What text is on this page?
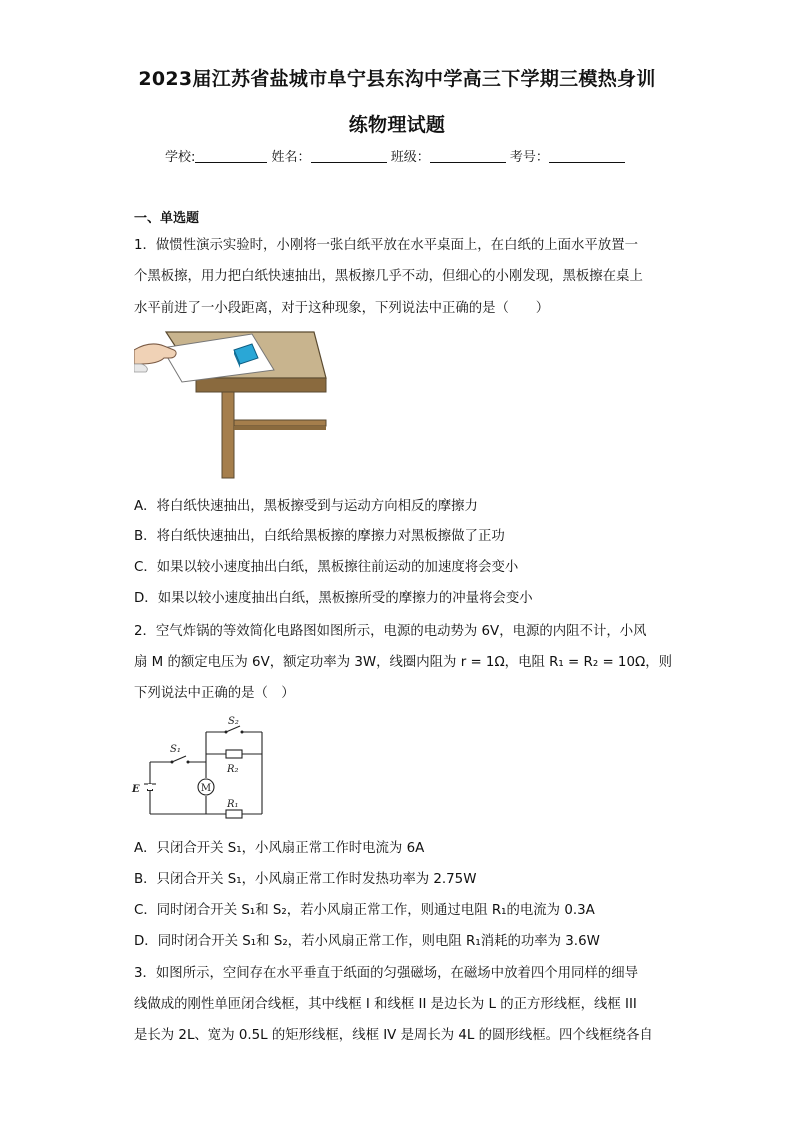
2023届江苏省盐城市阜宁县东沟中学高三下学期三模热身训
练物理试题
学校:	姓名：	班级：	考号：
一、单选题
1．做惯性演示实验时，小刚将一张白纸平放在水平桌面上，在白纸的上面水平放置一
个黑板擦，用力把白纸快速抽出，黑板擦几乎不动，但细心的小刚发现，黑板擦在桌上
水平前进了一小段距离，对于这种现象，下列说法中正确的是（　　）
A．将白纸快速抽出，黑板擦受到与运动方向相反的摩擦力
B．将白纸快速抽出，白纸给黑板擦的摩擦力对黑板擦做了正功
C．如果以较小速度抽出白纸，黑板擦往前运动的加速度将会变小
D．如果以较小速度抽出白纸，黑板擦所受的摩擦力的冲量将会变小
2．空气炸锅的等效简化电路图如图所示，电源的电动势为 6V，电源的内阻不计，小风
扇 M 的额定电压为 6V，额定功率为 3W，线圈内阻为 r = 1Ω，电阻 R₁ = R₂ = 10Ω，则
下列说法中正确的是（　）
M
S₂
S₁
R₂
R₁
E
A．只闭合开关 S₁，小风扇正常工作时电流为 6A
B．只闭合开关 S₁，小风扇正常工作时发热功率为 2.75W
C．同时闭合开关 S₁和 S₂，若小风扇正常工作，则通过电阻 R₁的电流为 0.3A
D．同时闭合开关 S₁和 S₂，若小风扇正常工作，则电阻 R₁消耗的功率为 3.6W
3．如图所示，空间存在水平垂直于纸面的匀强磁场，在磁场中放着四个用同样的细导
线做成的刚性单匝闭合线框，其中线框 I 和线框 II 是边长为 L 的正方形线框，线框 III
是长为 2L、宽为 0.5L 的矩形线框，线框 IV 是周长为 4L 的圆形线框。四个线框绕各自
